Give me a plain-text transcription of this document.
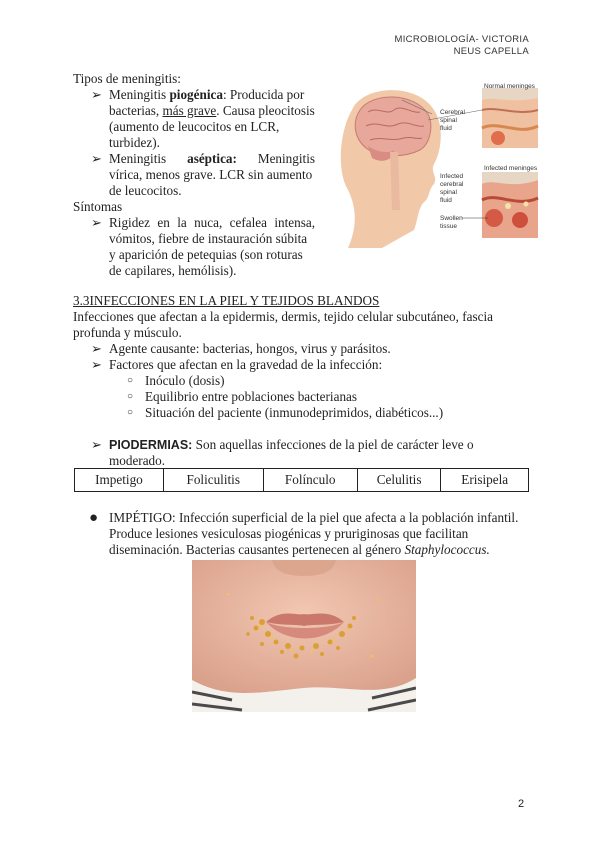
MICROBIOLOGÍA- VICTORIA
NEUS CAPELLA
Tipos de meningitis:
➢ Meningitis piogénica: Producida por
bacterias, más grave. Causa pleocitosis
(aumento de leucocitos en LCR,
turbidez).
➢ Meningitis aséptica: Meningitis
vírica, menos grave. LCR sin aumento
de leucocitos.
Síntomas
➢ Rigidez en la nuca, cefalea intensa,
vómitos, fiebre de instauración súbita
y aparición de petequias (son roturas
de capilares, hemólisis).
Normal meninges
Infected meninges
Cerebral spinal fluid
Infected cerebral spinal fluid
Swollen tissue
3.3INFECCIONES EN LA PIEL Y TEJIDOS BLANDOS
Infecciones que afectan a la epidermis, dermis, tejido celular subcutáneo, fascia
profunda y músculo.
➢ Agente causante: bacterias, hongos, virus y parásitos.
➢ Factores que afectan en la gravedad de la infección:
○ Inóculo (dosis)
○ Equilibrio entre poblaciones bacterianas
○ Situación del paciente (inmunodeprimidos, diabéticos...)
➢ PIODERMIAS: Son aquellas infecciones de la piel de carácter leve o
moderado.
Impetigo	Foliculitis	Folínculo	Celulitis	Erisipela
● IMPÉTIGO: Infección superficial de la piel que afecta a la población infantil.
Produce lesiones vesiculosas piogénicas y pruriginosas que facilitan
diseminación. Bacterias causantes pertenecen al género Staphylococcus.
2
